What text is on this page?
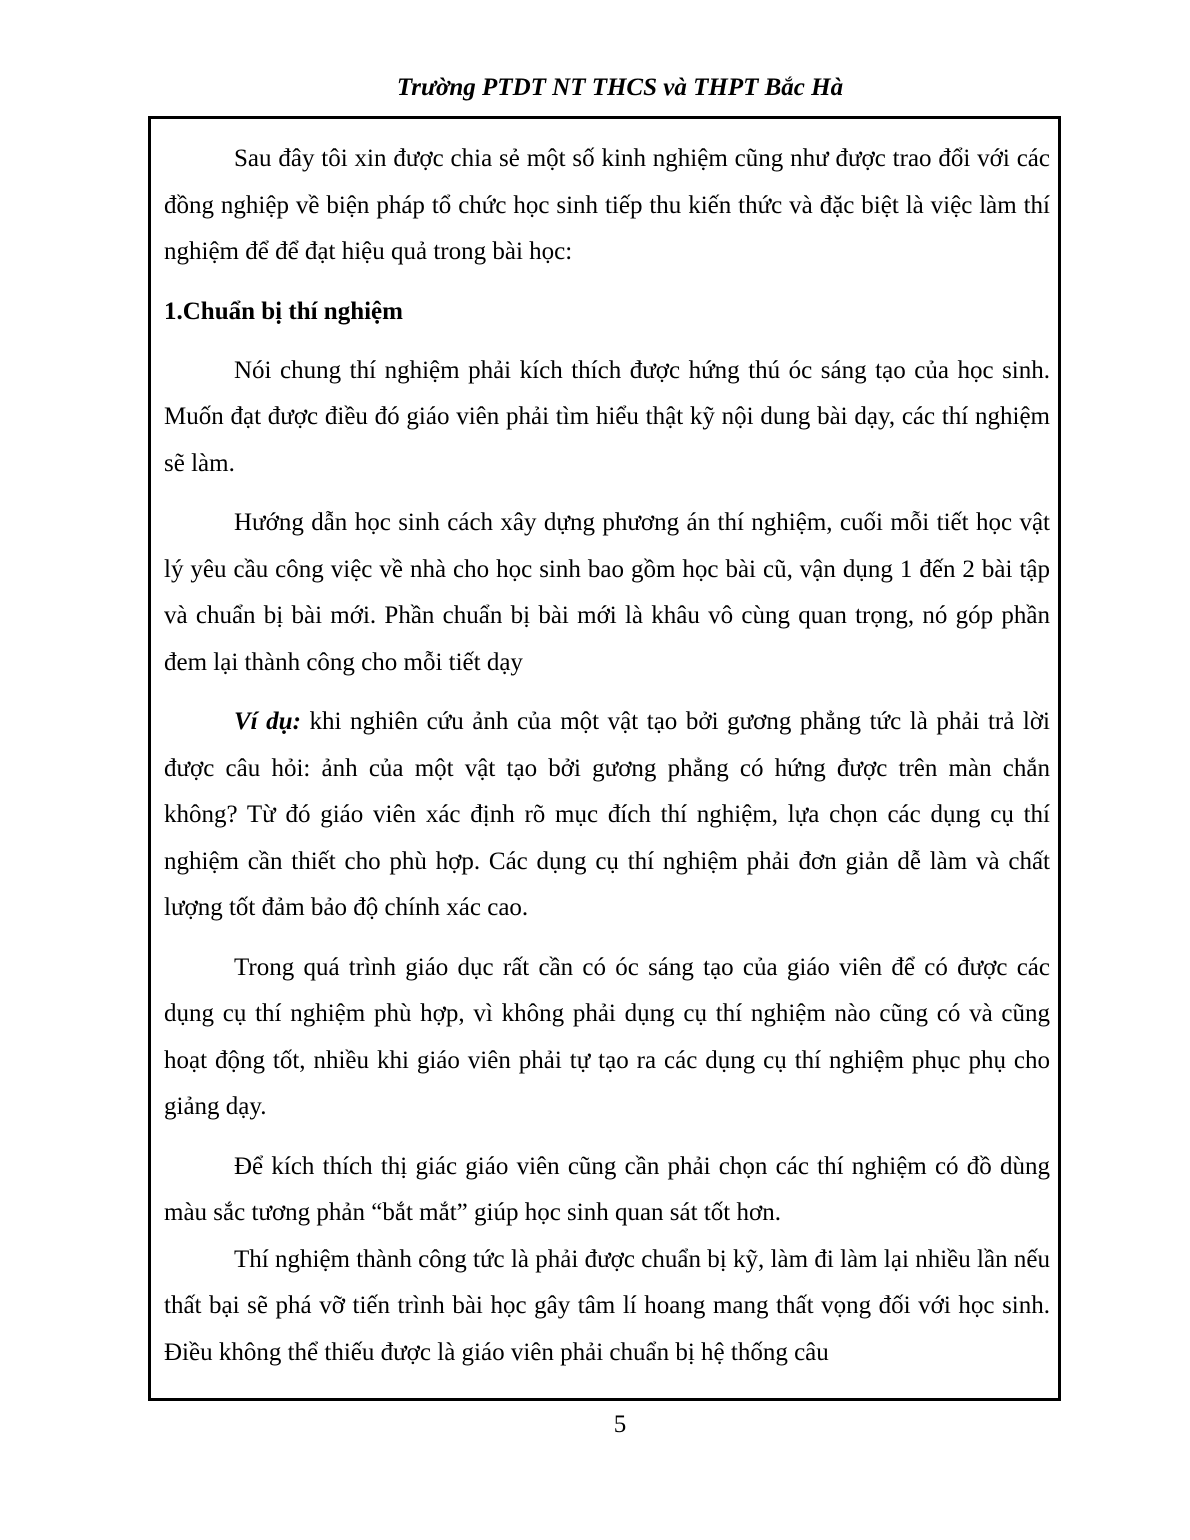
Trường PTDT NT THCS và THPT Bắc Hà

Sau đây tôi xin được chia sẻ một số kinh nghiệm cũng như được trao đổi với các đồng nghiệp về biện pháp tổ chức học sinh tiếp thu kiến thức và đặc biệt là việc làm thí nghiệm để để đạt hiệu quả trong bài học:

1.Chuẩn bị thí nghiệm

Nói chung thí nghiệm phải kích thích được hứng thú óc sáng tạo của học sinh. Muốn đạt được điều đó giáo viên phải tìm hiểu thật kỹ nội dung bài dạy, các thí nghiệm sẽ làm.

Hướng dẫn học sinh cách xây dựng phương án thí nghiệm, cuối mỗi tiết học vật lý yêu cầu công việc về nhà cho học sinh bao gồm học bài cũ, vận dụng 1 đến 2 bài tập và chuẩn bị bài mới. Phần chuẩn bị bài mới là khâu vô cùng quan trọng, nó góp phần đem lại thành công cho mỗi tiết dạy

Ví dụ: khi nghiên cứu ảnh của một vật tạo bởi gương phẳng tức là phải trả lời được câu hỏi: ảnh của một vật tạo bởi gương phẳng có hứng được trên màn chắn không? Từ đó giáo viên xác định rõ mục đích thí nghiệm, lựa chọn các dụng cụ thí nghiệm cần thiết cho phù hợp. Các dụng cụ thí nghiệm phải đơn giản dễ làm và chất lượng tốt đảm bảo độ chính xác cao.

Trong quá trình giáo dục rất cần có óc sáng tạo của giáo viên để có được các dụng cụ thí nghiệm phù hợp, vì không phải dụng cụ thí nghiệm nào cũng có và cũng hoạt động tốt, nhiều khi giáo viên phải tự tạo ra các dụng cụ thí nghiệm phục phụ cho giảng dạy.

Để kích thích thị giác giáo viên cũng cần phải chọn các thí nghiệm có đồ dùng màu sắc tương phản “bắt mắt” giúp học sinh quan sát tốt hơn.

Thí nghiệm thành công tức là phải được chuẩn bị kỹ, làm đi làm lại nhiều lần nếu thất bại sẽ phá vỡ tiến trình bài học gây tâm lí hoang mang thất vọng đối với học sinh. Điều không thể thiếu được là giáo viên phải chuẩn bị hệ thống câu

5
